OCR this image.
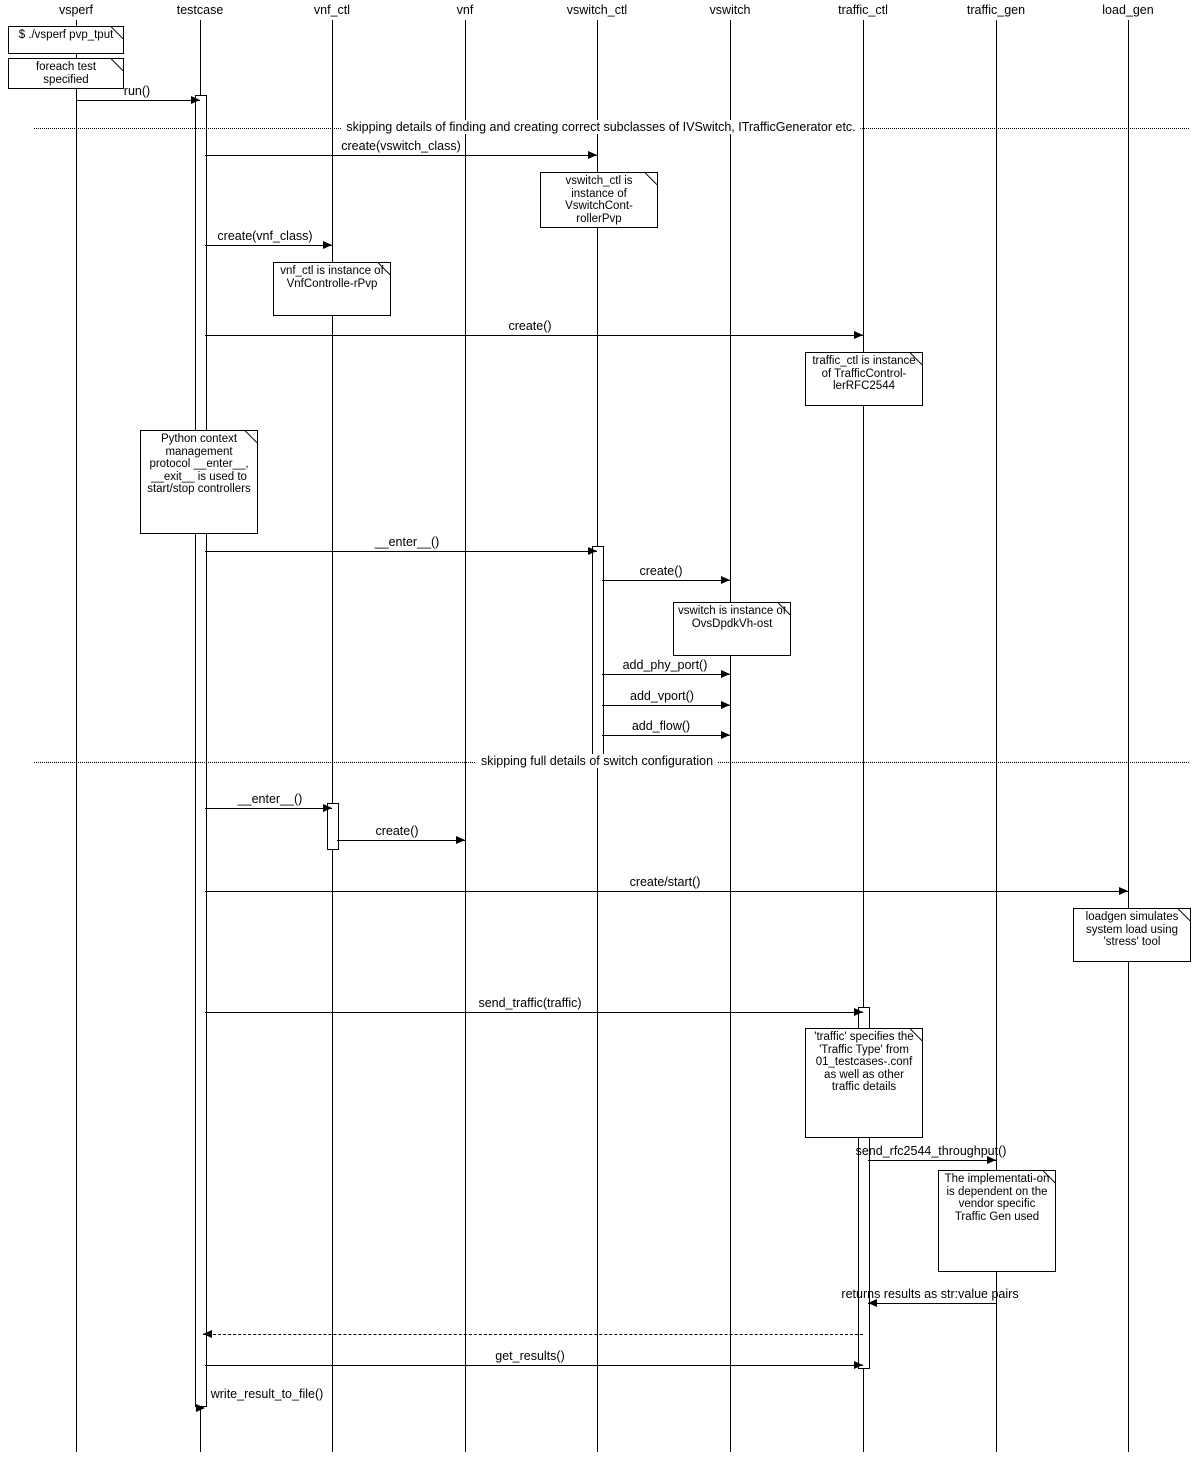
vsperf	testcase	vnf_ctl	vnf	vswitch_ctl	vswitch	traffic_ctl	traffic_gen	load_gen
run()
create(vswitch_class)
create(vnf_class)
create()
__enter__()
create()
add_phy_port()
add_vport()
add_flow()
__enter__()
create()
create/start()
send_traffic(traffic)
send_rfc2544_throughput()
returns results as str:value pairs
get_results()
$ ./vsperf pvp_tput
foreach test specified
vswitch_ctl is instance of VswitchCont-rollerPvp
vnf_ctl is instance of VnfControlle-rPvp
traffic_ctl is instance of TrafficControl-lerRFC2544
Python context management protocol __enter__, __exit__ is used to start/stop controllers
vswitch is instance of OvsDpdkVh-ost
loadgen simulates system load using 'stress' tool
'traffic' specifies the 'Traffic Type' from 01_testcases-.conf as well as other traffic details
The implementati-on is dependent on the vendor specific Traffic Gen used
skipping details of finding and creating correct subclasses of IVSwitch, ITrafficGenerator etc.
skipping full details of switch configuration
write_result_to_file()
